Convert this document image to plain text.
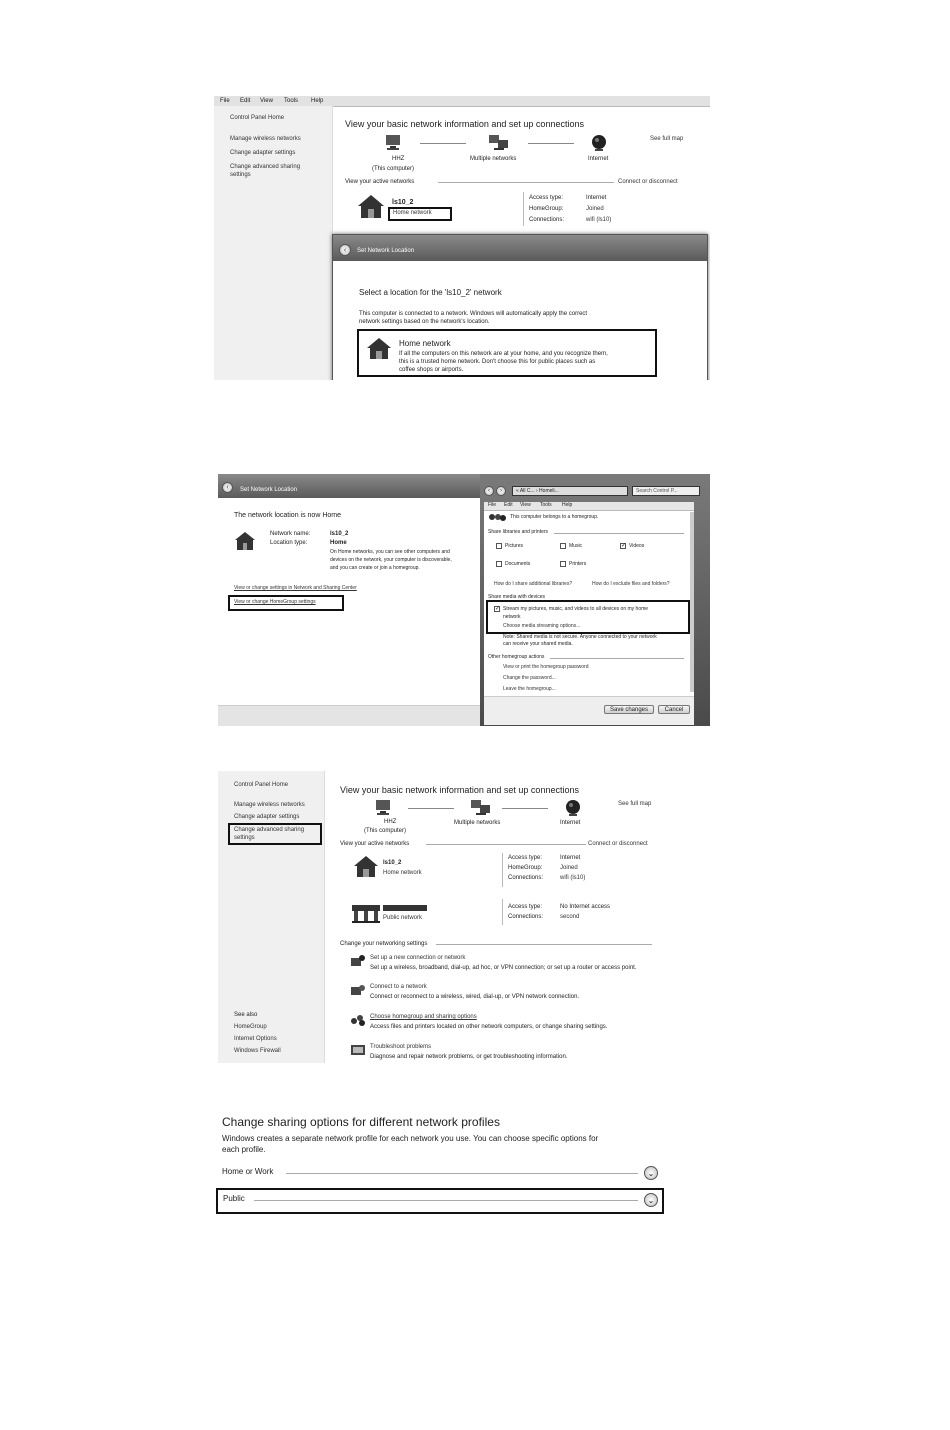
File Edit View Tools Help
Control Panel Home
Manage wireless networks
Change adapter settings
Change advanced sharing
settings
View your basic network information and set up connections
See full map
HHZ
(This computer)
Multiple networks	Internet
View your active networks	Connect or disconnect
ls10_2
Home network
Access type:	Internet
HomeGroup:	Joined
Connections:	wifi (ls10)
‹	Set Network Location
Select a location for the 'ls10_2' network
This computer is connected to a network. Windows will automatically apply the correct
network settings based on the network's location.
Home network
If all the computers on this network are at your home, and you recognize them,
this is a trusted home network. Don't choose this for public places such as
coffee shops or airports.
‹	Set Network Location
The network location is now Home
Network name:	ls10_2
Location type:	Home
On Home networks, you can see other computers and
devices on the network, your computer is discoverable,
and you can create or join a homegroup.
View or change settings in Network and Sharing Center
View or change HomeGroup settings
‹	›	« All C... › Homeli...	Search Control P...
File Edit View Tools Help
This computer belongs to a homegroup.
Share libraries and printers
Pictures	Music	✓ Videos
Documents	Printers
How do I share additional libraries?	How do I exclude files and folders?
Share media with devices
✓ Stream my pictures, music, and videos to all devices on my home
network
Choose media streaming options...
Note: Shared media is not secure. Anyone connected to your network
can receive your shared media.
Other homegroup actions
View or print the homegroup password
Change the password...
Leave the homegroup...
Save changes	Cancel
Control Panel Home
Manage wireless networks
Change adapter settings
Change advanced sharing
settings
See also
HomeGroup
Internet Options
Windows Firewall
View your basic network information and set up connections
See full map
HHZ
(This computer)
Multiple networks	Internet
View your active networks	Connect or disconnect
ls10_2
Home network
Access type:	Internet
HomeGroup:	Joined
Connections:	wifi (ls10)
Public network
Access type:	No Internet access
Connections:	second
Change your networking settings
Set up a new connection or network
Set up a wireless, broadband, dial-up, ad hoc, or VPN connection; or set up a router or access point.
Connect to a network
Connect or reconnect to a wireless, wired, dial-up, or VPN network connection.
Choose homegroup and sharing options
Access files and printers located on other network computers, or change sharing settings.
Troubleshoot problems
Diagnose and repair network problems, or get troubleshooting information.
Change sharing options for different network profiles
Windows creates a separate network profile for each network you use. You can choose specific options for
each profile.
Home or Work	⌄
Public	⌄
